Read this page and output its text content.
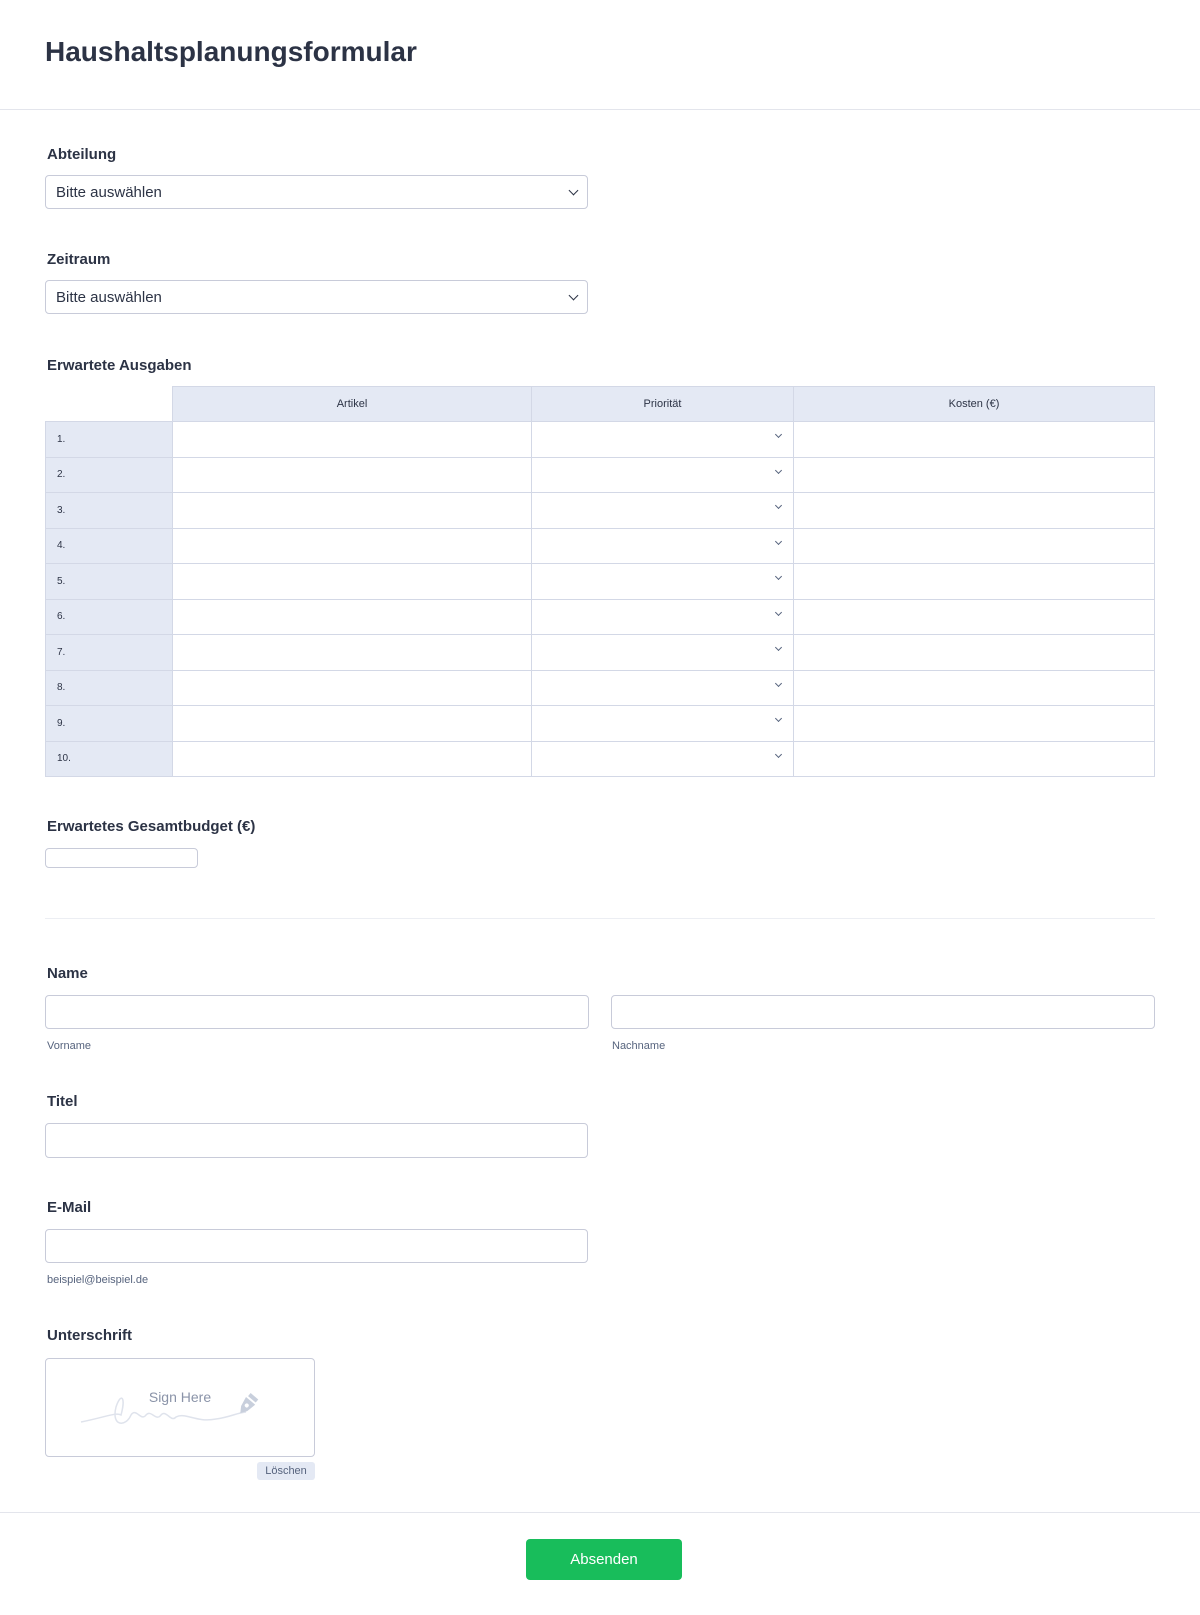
Haushaltsplanungsformular
Abteilung
Bitte auswählen
Zeitraum
Bitte auswählen
Erwartete Ausgaben
	Artikel	Priorität	Kosten (€)
1.		

2.		

3.		

4.		

5.		

6.		

7.		

8.		

9.		

10.		

Erwartetes Gesamtbudget (€)
Name
Vorname	Nachname
Titel
E-Mail
beispiel@beispiel.de
Unterschrift
Sign Here
Löschen
Absenden
